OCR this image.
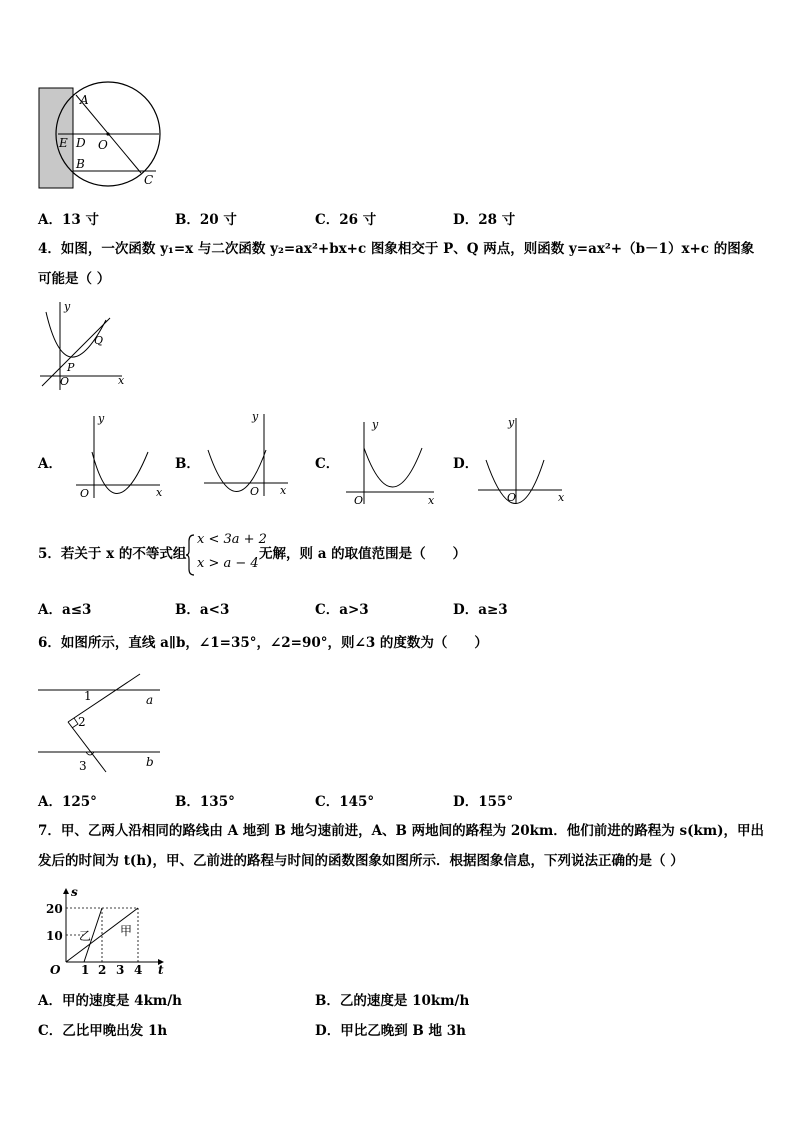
A
E D O
B
C
A．13 寸	B．20 寸	C．26 寸	D．28 寸
4．如图，一次函数 y₁=x 与二次函数 y₂=ax²+bx+c 图象相交于 P、Q 两点，则函数 y=ax²+（b－1）x+c 的图象
可能是（ ）
y
x
O
P
Q
A．	B．	C．	D．
y
x
O
y
x
O
y
x
O
y
x
O
5．若关于 x 的不等式组
x < 3a + 2
x > a − 4
无解，则 a 的取值范围是（　　）
A．a≤3	B．a<3	C．a>3	D．a≥3
6．如图所示，直线 a∥b，∠1=35°，∠2=90°，则∠3 的度数为（　　）
1
2
3
a
b
A．125°	B．135°	C．145°	D．155°
7．甲、乙两人沿相同的路线由 A 地到 B 地匀速前进，A、B 两地间的路程为 20km．他们前进的路程为 s(km)，甲出
发后的时间为 t(h)，甲、乙前进的路程与时间的函数图象如图所示．根据图象信息，下列说法正确的是（ ）
s
t
O
20
10
1 2 3 4
乙 甲
A．甲的速度是 4km/h	B．乙的速度是 10km/h
C．乙比甲晚出发 1h	D．甲比乙晚到 B 地 3h
